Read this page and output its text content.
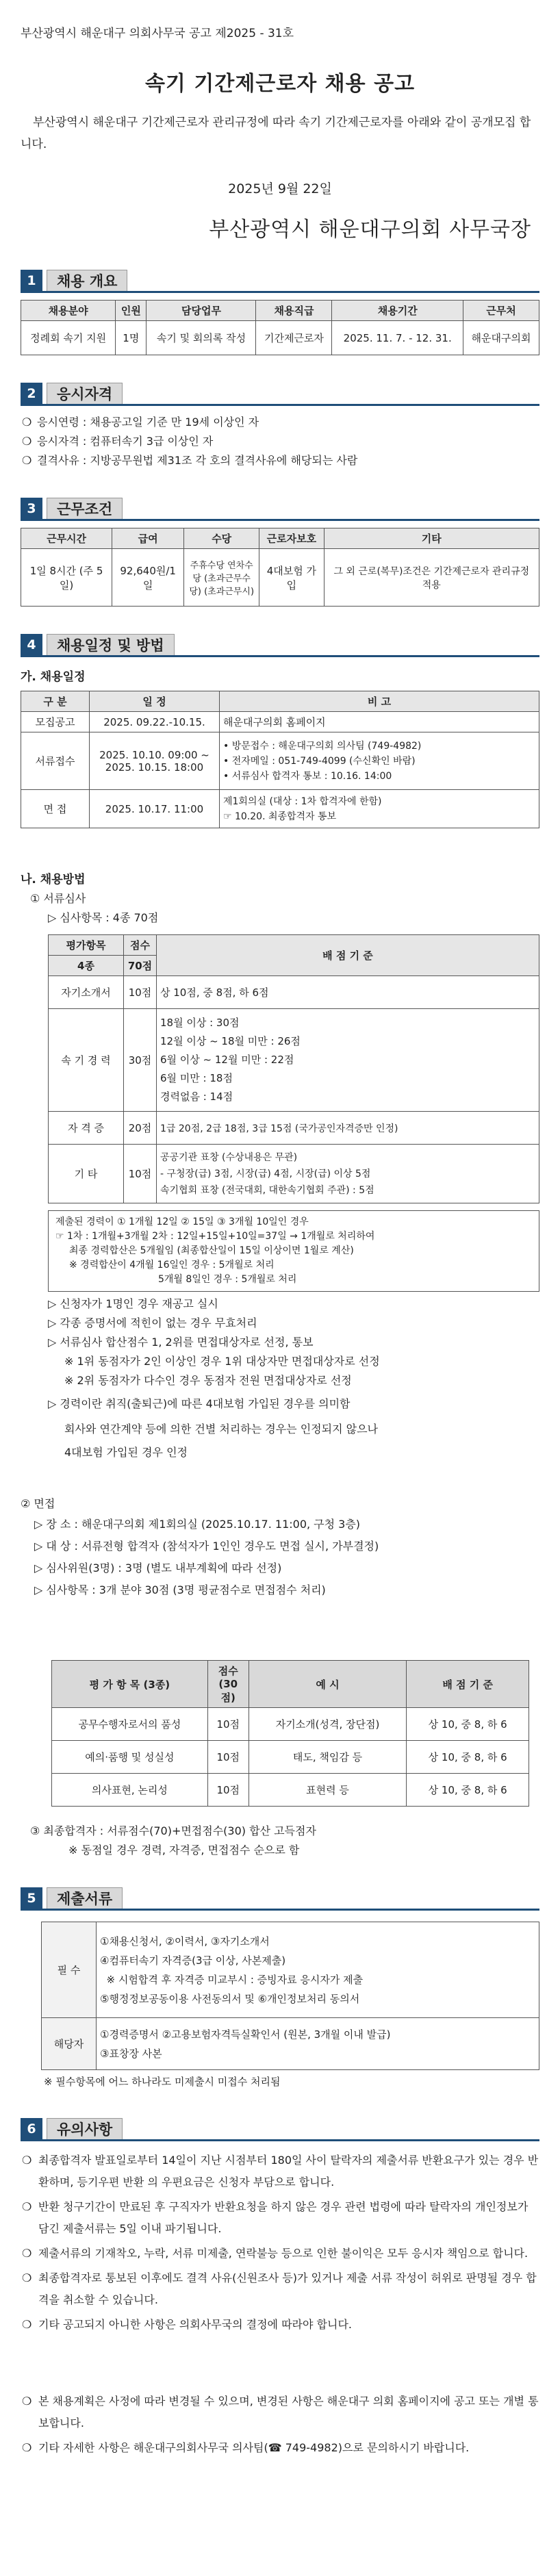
부산광역시 해운대구 의회사무국 공고 제2025 - 31호
속기 기간제근로자 채용 공고
부산광역시 해운대구 기간제근로자 관리규정에 따라 속기 기간제근로자를 아래와 같이 공개모집 합니다.
2025년 9월 22일
부산광역시 해운대구의회 사무국장
1	채용 개요
채용분야	인원	담당업무	채용직급	채용기간	근무처
정례회 속기 지원	1명	속기 및 회의록 작성	기간제근로자	2025. 11. 7. - 12. 31.	해운대구의회
2	응시자격
❍ 응시연령 : 채용공고일 기준 만 19세 이상인 자
❍ 응시자격 : 컴퓨터속기 3급 이상인 자
❍ 결격사유 : 지방공무원법 제31조 각 호의 결격사유에 해당되는 사람
3	근무조건
근무시간	급여	수당	근로자보호	기타
1일 8시간 (주 5일)	92,640원/1일	주휴수당 연차수당 (초과근무수당) (초과근무시)	4대보험 가입	그 외 근로(복무)조건은 기간제근로자 관리규정 적용
4	채용일정 및 방법
가. 채용일정
구 분	일 정	비 고
모집공고	2025. 09.22.-10.15.	해운대구의회 홈페이지
서류접수	2025. 10.10. 09:00 ~ 2025. 10.15. 18:00	• 방문접수 : 해운대구의회 의사팀 (749-4982)
• 전자메일 : 051-749-4099 (수신확인 바람)
• 서류심사 합격자 통보 : 10.16. 14:00
면 접	2025. 10.17. 11:00	제1회의실 (대상 : 1차 합격자에 한함)
☞ 10.20. 최종합격자 통보
나. 채용방법
① 서류심사
▷ 심사항목 : 4종 70점
평가항목	점수	배 점 기 준
4종	70점	
자기소개서	10점	상 10점, 중 8점, 하 6점
속 기 경 력	30점	18월 이상 : 30점
12월 이상 ~ 18월 미만 : 26점
6월 이상 ~ 12월 미만 : 22점
6월 미만 : 18점
경력없음 : 14점
자 격 증	20점	1급 20점, 2급 18점, 3급 15점 (국가공인자격증만 인정)
기 타	10점	공공기관 표창 (수상내용은 무관)
- 구청장(급) 3점, 시장(급) 4점, 시장(급) 이상 5점
속기협회 표창 (전국대회, 대한속기협회 주관) : 5점
제출된 경력이 ① 1개월 12일 ② 15일 ③ 3개월 10일인 경우
☞ 1차 : 1개월+3개월 2차 : 12일+15일+10일=37일 → 1개월로 처리하여
최종 경력합산은 5개월임 (최종합산일이 15일 이상이면 1월로 계산)
※ 경력합산이 4개월 16일인 경우 : 5개월로 처리
5개월 8일인 경우 : 5개월로 처리
▷ 신청자가 1명인 경우 재공고 실시
▷ 각종 증명서에 적힌이 없는 경우 무효처리
▷ 서류심사 합산점수 1, 2위를 면접대상자로 선정, 통보
※ 1위 동점자가 2인 이상인 경우 1위 대상자만 면접대상자로 선정
※ 2위 동점자가 다수인 경우 동점자 전원 면접대상자로 선정
▷ 경력이란 취직(출퇴근)에 따른 4대보험 가입된 경우를 의미함
회사와 연간계약 등에 의한 건별 처리하는 경우는 인정되지 않으나
4대보험 가입된 경우 인정
② 면접
▷ 장 소 : 해운대구의회 제1회의실 (2025.10.17. 11:00, 구청 3층)
▷ 대 상 : 서류전형 합격자 (참석자가 1인인 경우도 면접 실시, 가부결정)
▷ 심사위원(3명) : 3명 (별도 내부계획에 따라 선정)
▷ 심사항목 : 3개 분야 30점 (3명 평균점수로 면접점수 처리)
평 가 항 목 (3종)	점수 (30점)	예 시	배 점 기 준
공무수행자로서의 품성	10점	자기소개(성격, 장단점)	상 10, 중 8, 하 6
예의·품행 및 성실성	10점	태도, 책임감 등	상 10, 중 8, 하 6
의사표현, 논리성	10점	표현력 등	상 10, 중 8, 하 6
③ 최종합격자 : 서류점수(70)+면접점수(30) 합산 고득점자
※ 동점일 경우 경력, 자격증, 면접점수 순으로 함
5	제출서류
필 수	①채용신청서, ②이력서, ③자기소개서
④컴퓨터속기 자격증(3급 이상, 사본제출)
※ 시험합격 후 자격증 미교부시 : 증빙자료 응시자가 제출
⑤행정정보공동이용 사전동의서 및 ⑥개인정보처리 동의서
해당자	①경력증명서 ②고용보험자격득실확인서 (원본, 3개월 이내 발급)
③표창장 사본
※ 필수항목에 어느 하나라도 미제출시 미접수 처리됨
6	유의사항
❍ 최종합격자 발표일로부터 14일이 지난 시점부터 180일 사이 탈락자의 제출서류 반환요구가 있는 경우 반환하며, 등기우편 반환 의 우편요금은 신청자 부담으로 합니다.
❍ 반환 청구기간이 만료된 후 구직자가 반환요청을 하지 않은 경우 관련 법령에 따라 탈락자의 개인정보가 담긴 제출서류는 5일 이내 파기됩니다.
❍ 제출서류의 기재착오, 누락, 서류 미제출, 연락불능 등으로 인한 불이익은 모두 응시자 책임으로 합니다.
❍ 최종합격자로 통보된 이후에도 결격 사유(신원조사 등)가 있거나 제출 서류 작성이 허위로 판명될 경우 합격을 취소할 수 있습니다.
❍ 기타 공고되지 아니한 사항은 의회사무국의 결정에 따라야 합니다.
❍ 본 채용계획은 사정에 따라 변경될 수 있으며, 변경된 사항은 해운대구 의회 홈페이지에 공고 또는 개별 통보합니다.
❍ 기타 자세한 사항은 해운대구의회사무국 의사팀(☎ 749-4982)으로 문의하시기 바랍니다.
